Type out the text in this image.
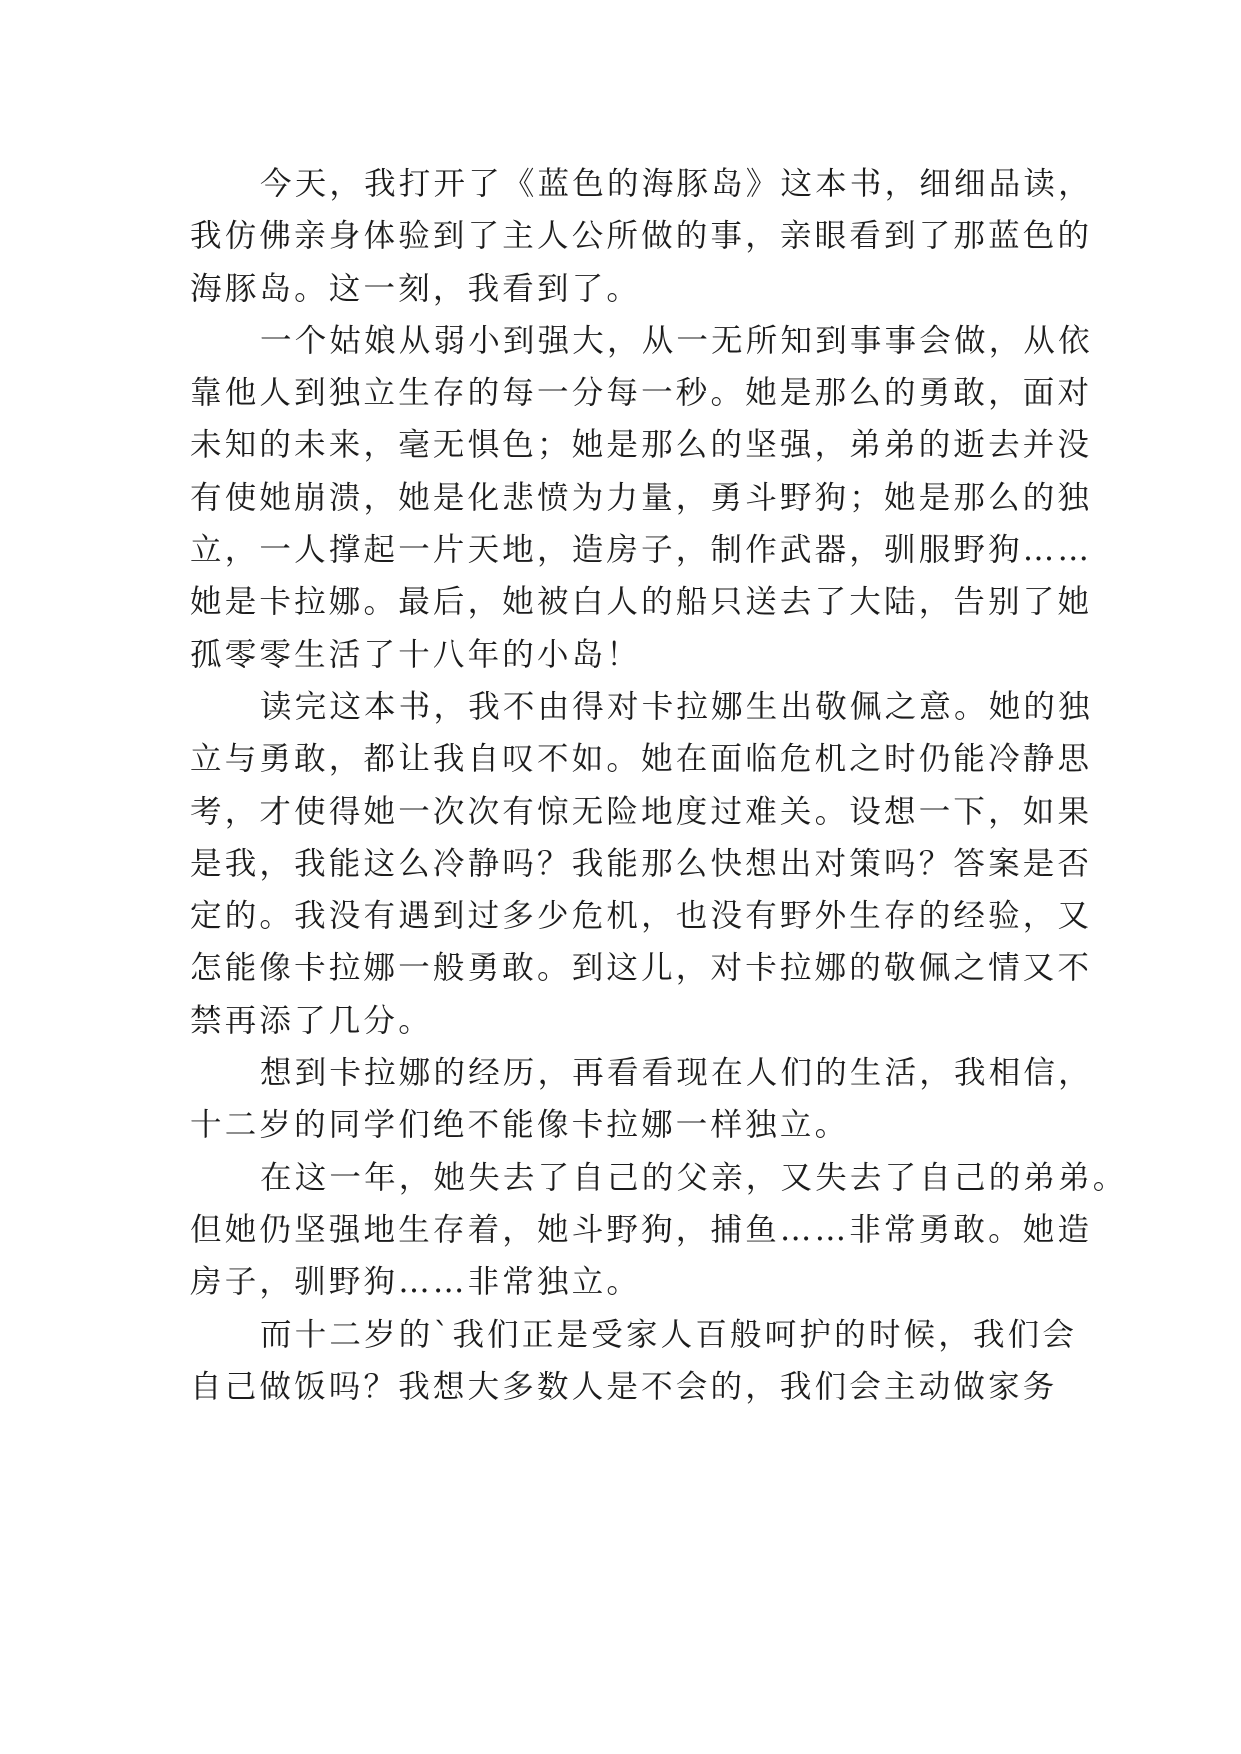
今天，我打开了《蓝色的海豚岛》这本书，细细品读，
我仿佛亲身体验到了主人公所做的事，亲眼看到了那蓝色的
海豚岛。这一刻，我看到了。
一个姑娘从弱小到强大，从一无所知到事事会做，从依
靠他人到独立生存的每一分每一秒。她是那么的勇敢，面对
未知的未来，毫无惧色；她是那么的坚强，弟弟的逝去并没
有使她崩溃，她是化悲愤为力量，勇斗野狗；她是那么的独
立，一人撑起一片天地，造房子，制作武器，驯服野狗……
她是卡拉娜。最后，她被白人的船只送去了大陆，告别了她
孤零零生活了十八年的小岛！
读完这本书，我不由得对卡拉娜生出敬佩之意。她的独
立与勇敢，都让我自叹不如。她在面临危机之时仍能冷静思
考，才使得她一次次有惊无险地度过难关。设想一下，如果
是我，我能这么冷静吗？我能那么快想出对策吗？答案是否
定的。我没有遇到过多少危机，也没有野外生存的经验，又
怎能像卡拉娜一般勇敢。到这儿，对卡拉娜的敬佩之情又不
禁再添了几分。
想到卡拉娜的经历，再看看现在人们的生活，我相信，
十二岁的同学们绝不能像卡拉娜一样独立。
在这一年，她失去了自己的父亲，又失去了自己的弟弟。
但她仍坚强地生存着，她斗野狗，捕鱼……非常勇敢。她造
房子，驯野狗……非常独立。
而十二岁的`我们正是受家人百般呵护的时候，我们会
自己做饭吗？我想大多数人是不会的，我们会主动做家务
